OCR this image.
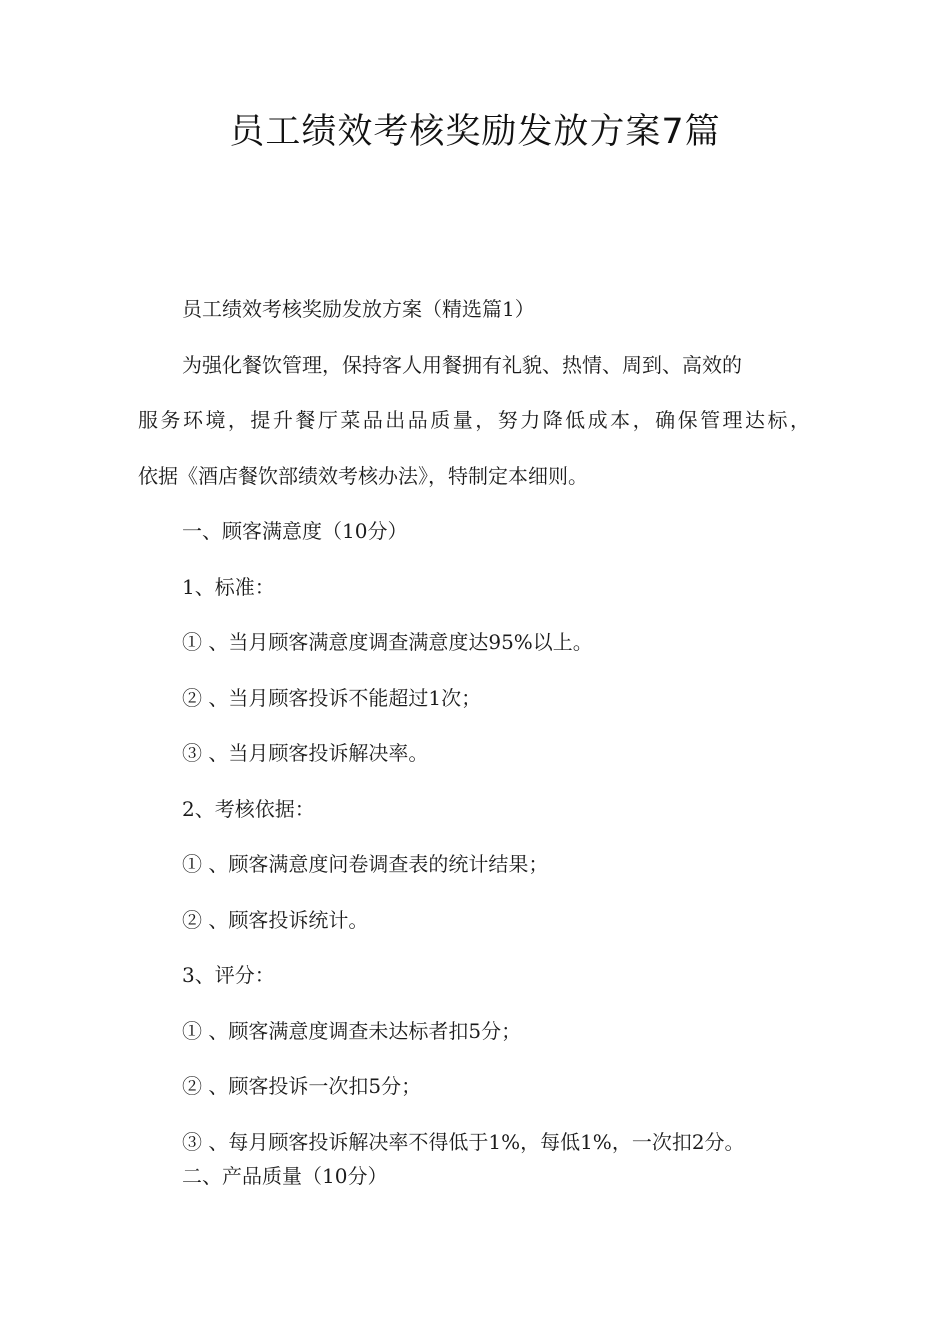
员工绩效考核奖励发放方案7篇

员工绩效考核奖励发放方案（精选篇1）

为强化餐饮管理，保持客人用餐拥有礼貌、热情、周到、高效的

服务环境，提升餐厅菜品出品质量，努力降低成本，确保管理达标，

依据《酒店餐饮部绩效考核办法》，特制定本细则。

一、顾客满意度（10分）

1、标准：

① 、当月顾客满意度调查满意度达95%以上。

② 、当月顾客投诉不能超过1次；

③ 、当月顾客投诉解决率。

2、考核依据：

① 、顾客满意度问卷调查表的统计结果；

② 、顾客投诉统计。

3、评分：

① 、顾客满意度调查未达标者扣5分；

② 、顾客投诉一次扣5分；

③ 、每月顾客投诉解决率不得低于1%，每低1%，一次扣2分。

二、产品质量（10分）
